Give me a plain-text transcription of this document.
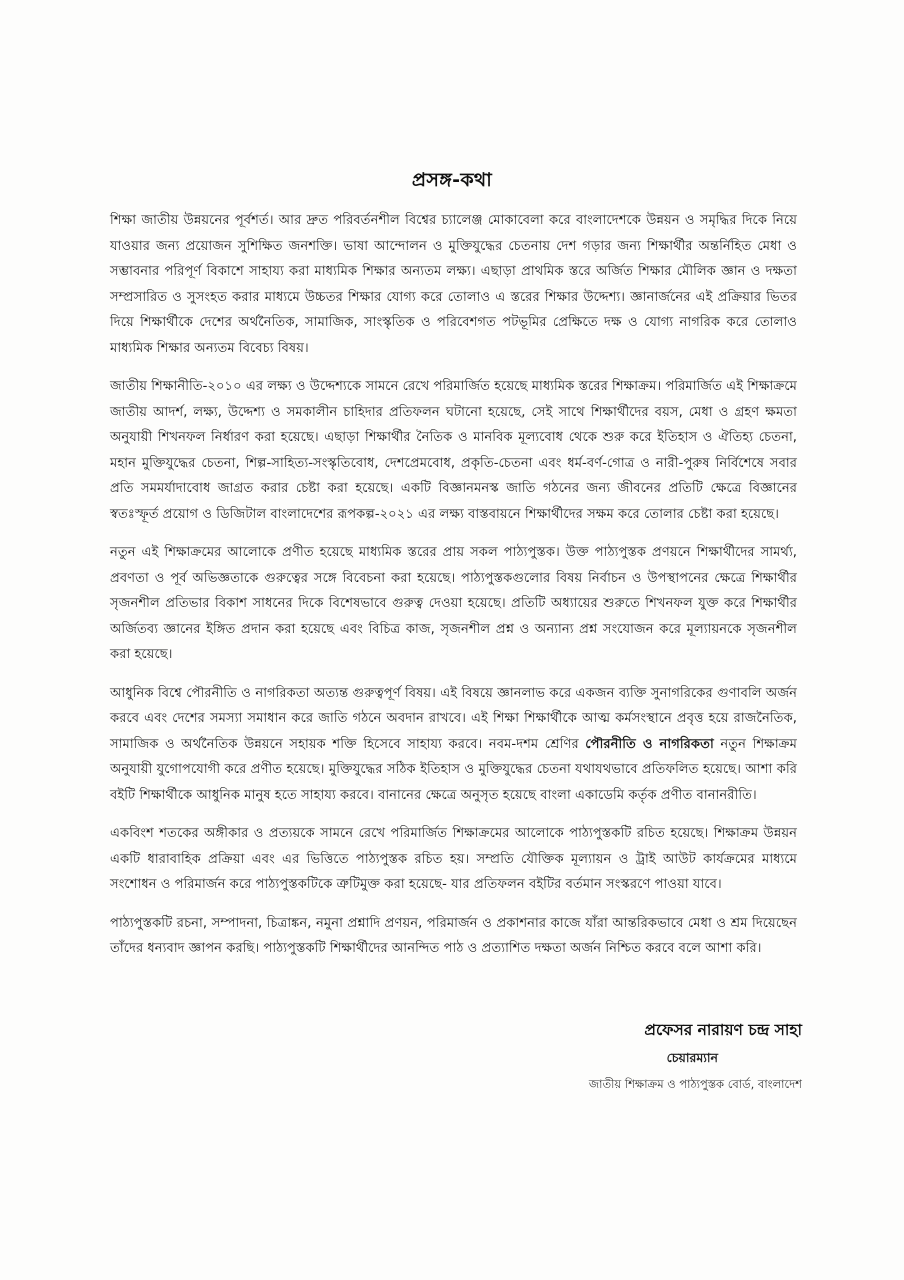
প্রসঙ্গ-কথা

শিক্ষা জাতীয় উন্নয়নের পূর্বশর্ত। আর দ্রুত পরিবর্তনশীল বিশ্বের চ্যালেঞ্জ মোকাবেলা করে বাংলাদেশকে উন্নয়ন ও সমৃদ্ধির দিকে নিয়ে যাওয়ার জন্য প্রয়োজন সুশিক্ষিত জনশক্তি। ভাষা আন্দোলন ও মুক্তিযুদ্ধের চেতনায় দেশ গড়ার জন্য শিক্ষার্থীর অন্তর্নিহিত মেধা ও সম্ভাবনার পরিপূর্ণ বিকাশে সাহায্য করা মাধ্যমিক শিক্ষার অন্যতম লক্ষ্য। এছাড়া প্রাথমিক স্তরে অর্জিত শিক্ষার মৌলিক জ্ঞান ও দক্ষতা সম্প্রসারিত ও সুসংহত করার মাধ্যমে উচ্চতর শিক্ষার যোগ্য করে তোলাও এ স্তরের শিক্ষার উদ্দেশ্য। জ্ঞানার্জনের এই প্রক্রিয়ার ভিতর দিয়ে শিক্ষার্থীকে দেশের অর্থনৈতিক, সামাজিক, সাংস্কৃতিক ও পরিবেশগত পটভূমির প্রেক্ষিতে দক্ষ ও যোগ্য নাগরিক করে তোলাও মাধ্যমিক শিক্ষার অন্যতম বিবেচ্য বিষয়।

জাতীয় শিক্ষানীতি-২০১০ এর লক্ষ্য ও উদ্দেশ্যকে সামনে রেখে পরিমার্জিত হয়েছে মাধ্যমিক স্তরের শিক্ষাক্রম। পরিমার্জিত এই শিক্ষাক্রমে জাতীয় আদর্শ, লক্ষ্য, উদ্দেশ্য ও সমকালীন চাহিদার প্রতিফলন ঘটানো হয়েছে, সেই সাথে শিক্ষার্থীদের বয়স, মেধা ও গ্রহণ ক্ষমতা অনুযায়ী শিখনফল নির্ধারণ করা হয়েছে। এছাড়া শিক্ষার্থীর নৈতিক ও মানবিক মূল্যবোধ থেকে শুরু করে ইতিহাস ও ঐতিহ্য চেতনা, মহান মুক্তিযুদ্ধের চেতনা, শিল্প-সাহিত্য-সংস্কৃতিবোধ, দেশপ্রেমবোধ, প্রকৃতি-চেতনা এবং ধর্ম-বর্ণ-গোত্র ও নারী-পুরুষ নির্বিশেষে সবার প্রতি সমমর্যাদাবোধ জাগ্রত করার চেষ্টা করা হয়েছে। একটি বিজ্ঞানমনস্ক জাতি গঠনের জন্য জীবনের প্রতিটি ক্ষেত্রে বিজ্ঞানের স্বতঃস্ফূর্ত প্রয়োগ ও ডিজিটাল বাংলাদেশের রূপকল্প-২০২১ এর লক্ষ্য বাস্তবায়নে শিক্ষার্থীদের সক্ষম করে তোলার চেষ্টা করা হয়েছে।

নতুন এই শিক্ষাক্রমের আলোকে প্রণীত হয়েছে মাধ্যমিক স্তরের প্রায় সকল পাঠ্যপুস্তক। উক্ত পাঠ্যপুস্তক প্রণয়নে শিক্ষার্থীদের সামর্থ্য, প্রবণতা ও পূর্ব অভিজ্ঞতাকে গুরুত্বের সঙ্গে বিবেচনা করা হয়েছে। পাঠ্যপুস্তকগুলোর বিষয় নির্বাচন ও উপস্থাপনের ক্ষেত্রে শিক্ষার্থীর সৃজনশীল প্রতিভার বিকাশ সাধনের দিকে বিশেষভাবে গুরুত্ব দেওয়া হয়েছে। প্রতিটি অধ্যায়ের শুরুতে শিখনফল যুক্ত করে শিক্ষার্থীর অর্জিতব্য জ্ঞানের ইঙ্গিত প্রদান করা হয়েছে এবং বিচিত্র কাজ, সৃজনশীল প্রশ্ন ও অন্যান্য প্রশ্ন সংযোজন করে মূল্যায়নকে সৃজনশীল করা হয়েছে।

আধুনিক বিশ্বে পৌরনীতি ও নাগরিকতা অত্যন্ত গুরুত্বপূর্ণ বিষয়। এই বিষয়ে জ্ঞানলাভ করে একজন ব্যক্তি সুনাগরিকের গুণাবলি অর্জন করবে এবং দেশের সমস্যা সমাধান করে জাতি গঠনে অবদান রাখবে। এই শিক্ষা শিক্ষার্থীকে আত্ম কর্মসংস্থানে প্রবৃত্ত হয়ে রাজনৈতিক, সামাজিক ও অর্থনৈতিক উন্নয়নে সহায়ক শক্তি হিসেবে সাহায্য করবে। নবম-দশম শ্রেণির পৌরনীতি ও নাগরিকতা নতুন শিক্ষাক্রম অনুযায়ী যুগোপযোগী করে প্রণীত হয়েছে। মুক্তিযুদ্ধের সঠিক ইতিহাস ও মুক্তিযুদ্ধের চেতনা যথাযথভাবে প্রতিফলিত হয়েছে। আশা করি বইটি শিক্ষার্থীকে আধুনিক মানুষ হতে সাহায্য করবে। বানানের ক্ষেত্রে অনুসৃত হয়েছে বাংলা একাডেমি কর্তৃক প্রণীত বানানরীতি।

একবিংশ শতকের অঙ্গীকার ও প্রত্যয়কে সামনে রেখে পরিমার্জিত শিক্ষাক্রমের আলোকে পাঠ্যপুস্তকটি রচিত হয়েছে। শিক্ষাক্রম উন্নয়ন একটি ধারাবাহিক প্রক্রিয়া এবং এর ভিত্তিতে পাঠ্যপুস্তক রচিত হয়। সম্প্রতি যৌক্তিক মূল্যায়ন ও ট্রাই আউট কার্যক্রমের মাধ্যমে সংশোধন ও পরিমার্জন করে পাঠ্যপুস্তকটিকে ত্রুটিমুক্ত করা হয়েছে- যার প্রতিফলন বইটির বর্তমান সংস্করণে পাওয়া যাবে।

পাঠ্যপুস্তকটি রচনা, সম্পাদনা, চিত্রাঙ্কন, নমুনা প্রশ্নাদি প্রণয়ন, পরিমার্জন ও প্রকাশনার কাজে যাঁরা আন্তরিকভাবে মেধা ও শ্রম দিয়েছেন তাঁদের ধন্যবাদ জ্ঞাপন করছি। পাঠ্যপুস্তকটি শিক্ষার্থীদের আনন্দিত পাঠ ও প্রত্যাশিত দক্ষতা অর্জন নিশ্চিত করবে বলে আশা করি।

প্রফেসর নারায়ণ চন্দ্র সাহা
চেয়ারম্যান
জাতীয় শিক্ষাক্রম ও পাঠ্যপুস্তক বোর্ড, বাংলাদেশ
